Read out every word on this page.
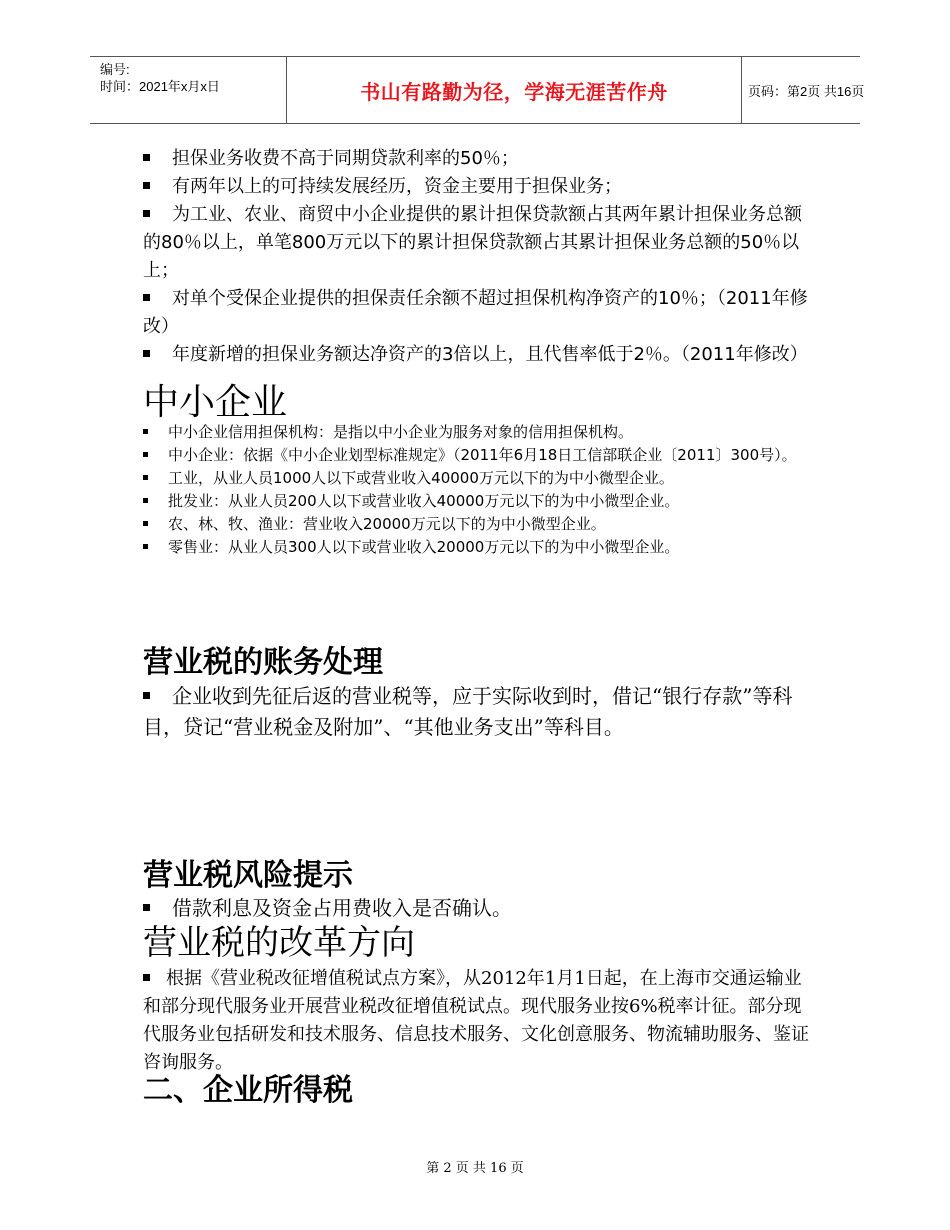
编号:
时间：2021年x月x日	书山有路勤为径，学海无涯苦作舟	页码：第2页 共16页
担保业务收费不高于同期贷款利率的50％；
有两年以上的可持续发展经历，资金主要用于担保业务；
为工业、农业、商贸中小企业提供的累计担保贷款额占其两年累计担保业务总额的80％以上，单笔800万元以下的累计担保贷款额占其累计担保业务总额的50％以上；
对单个受保企业提供的担保责任余额不超过担保机构净资产的10％；（2011年修改）
年度新增的担保业务额达净资产的3倍以上，且代售率低于2％。（2011年修改）
中小企业
中小企业信用担保机构：是指以中小企业为服务对象的信用担保机构。
中小企业：依据《中小企业划型标准规定》（2011年6月18日工信部联企业〔2011〕300号）。
工业，从业人员1000人以下或营业收入40000万元以下的为中小微型企业。
批发业：从业人员200人以下或营业收入40000万元以下的为中小微型企业。
农、林、牧、渔业：营业收入20000万元以下的为中小微型企业。
零售业：从业人员300人以下或营业收入20000万元以下的为中小微型企业。
营业税的账务处理
企业收到先征后返的营业税等，应于实际收到时，借记“银行存款”等科目，贷记“营业税金及附加”、“其他业务支出”等科目。
营业税风险提示
借款利息及资金占用费收入是否确认。
营业税的改革方向
根据《营业税改征增值税试点方案》，从2012年1月1日起，在上海市交通运输业和部分现代服务业开展营业税改征增值税试点。现代服务业按6%税率计征。部分现代服务业包括研发和技术服务、信息技术服务、文化创意服务、物流辅助服务、鉴证咨询服务。
二、企业所得税
第 2 页 共 16 页
